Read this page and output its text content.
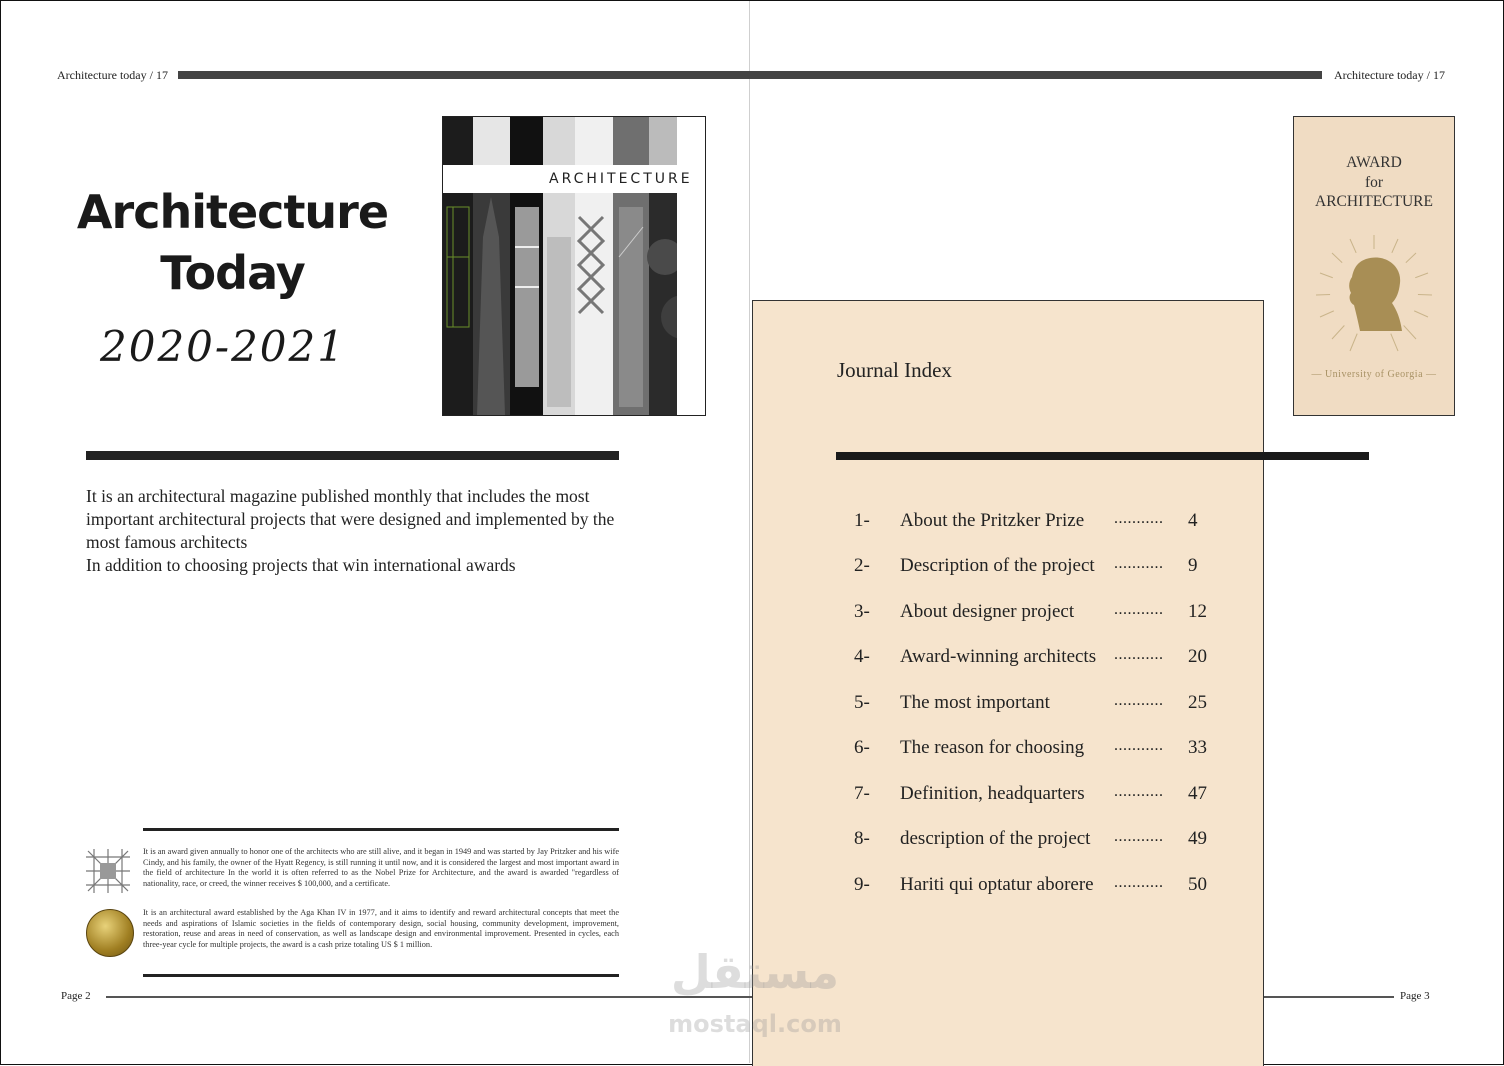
Architecture today / 17	Architecture today / 17
Architecture
Today
2020-2021
ARCHITECTURE

It is an architectural magazine published monthly that includes the most important architectural projects that were designed and implemented by the most famous architects

In addition to choosing projects that win international awards

It is an award given annually to honor one of the architects who are still alive, and it began in 1949 and was started by Jay Pritzker and his wife Cindy, and his family, the owner of the Hyatt Regency, is still running it until now, and it is considered the largest and most important award in the field of architecture In the world it is often referred to as the Nobel Prize for Architecture, and the award is awarded "regardless of nationality, race, or creed, the winner receives $ 100,000, and a certificate.
It is an architectural award established by the Aga Khan IV in 1977, and it aims to identify and reward architectural concepts that meet the needs and aspirations of Islamic societies in the fields of contemporary design, social housing, community development, improvement, restoration, reuse and areas in need of conservation, as well as landscape design and environmental improvement. Presented in cycles, each three-year cycle for multiple projects, the award is a cash prize totaling US $ 1 million.
Page 2	Page 3
Journal Index
1-	About the Pritzker Prize ........... 4
2-	Description of the project ........... 9
3-	About designer project ........... 12
4-	Award-winning architects ........... 20
5-	The most important	........... 25
6-	The reason for choosing ........... 33
7-	Definition, headquarters ........... 47
8-	description of the project ........... 49
9-	Hariti qui optatur aborere ........... 50
AWARD
for
ARCHITECTURE
— University of Georgia —
مستقل
mostaql.com
